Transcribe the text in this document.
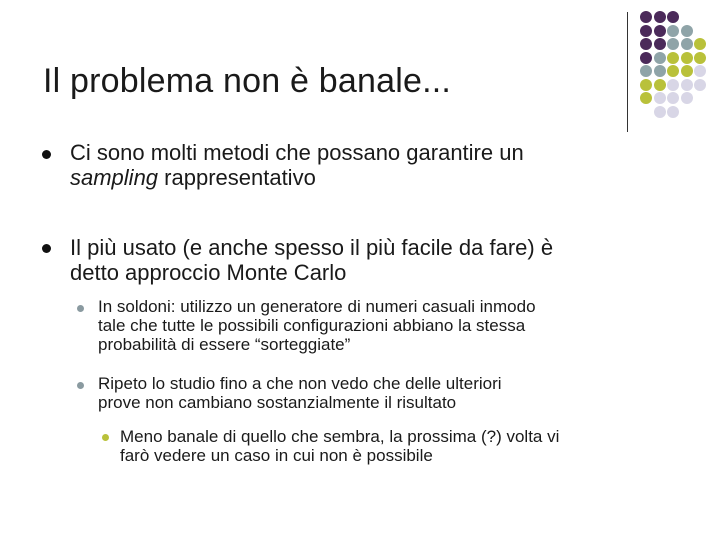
Il problema non è banale...
Ci sono molti metodi che possano garantire un
sampling rappresentativo
Il più usato (e anche spesso il più facile da fare) è
detto approccio Monte Carlo
In soldoni: utilizzo un generatore di numeri casuali inmodo
tale che tutte le possibili configurazioni abbiano la stessa
probabilità di essere “sorteggiate”
Ripeto lo studio fino a che non vedo che delle ulteriori
prove non cambiano sostanzialmente il risultato
Meno banale di quello che sembra, la prossima (?) volta vi
farò vedere un caso in cui non è possibile
